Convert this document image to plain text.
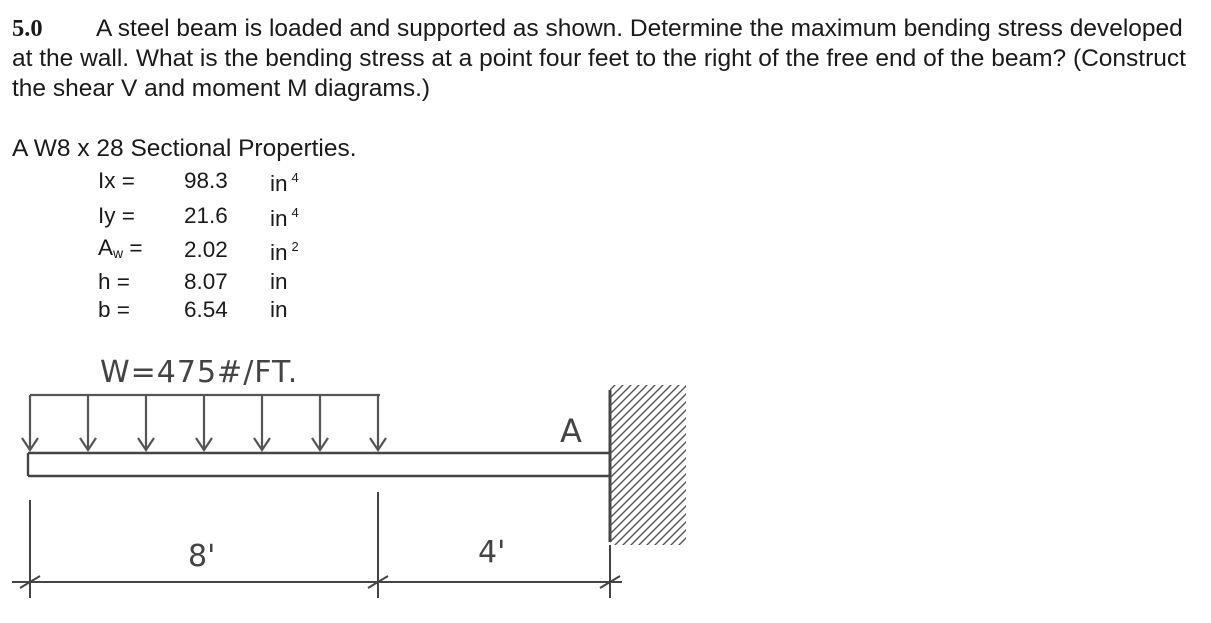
5.0 A steel beam is loaded and supported as shown. Determine the maximum bending stress developed at the wall. What is the bending stress at a point four feet to the right of the free end of the beam? (Construct the shear V and moment M diagrams.)

A W8 x 28 Sectional Properties.

Ix =	98.3	in $^4$
Iy =	21.6	in $^4$
$A_w$ =	2.02	in $^2$
h =	8.07	in
b =	6.54	in
W=475#/FT.
A
8'	4'
